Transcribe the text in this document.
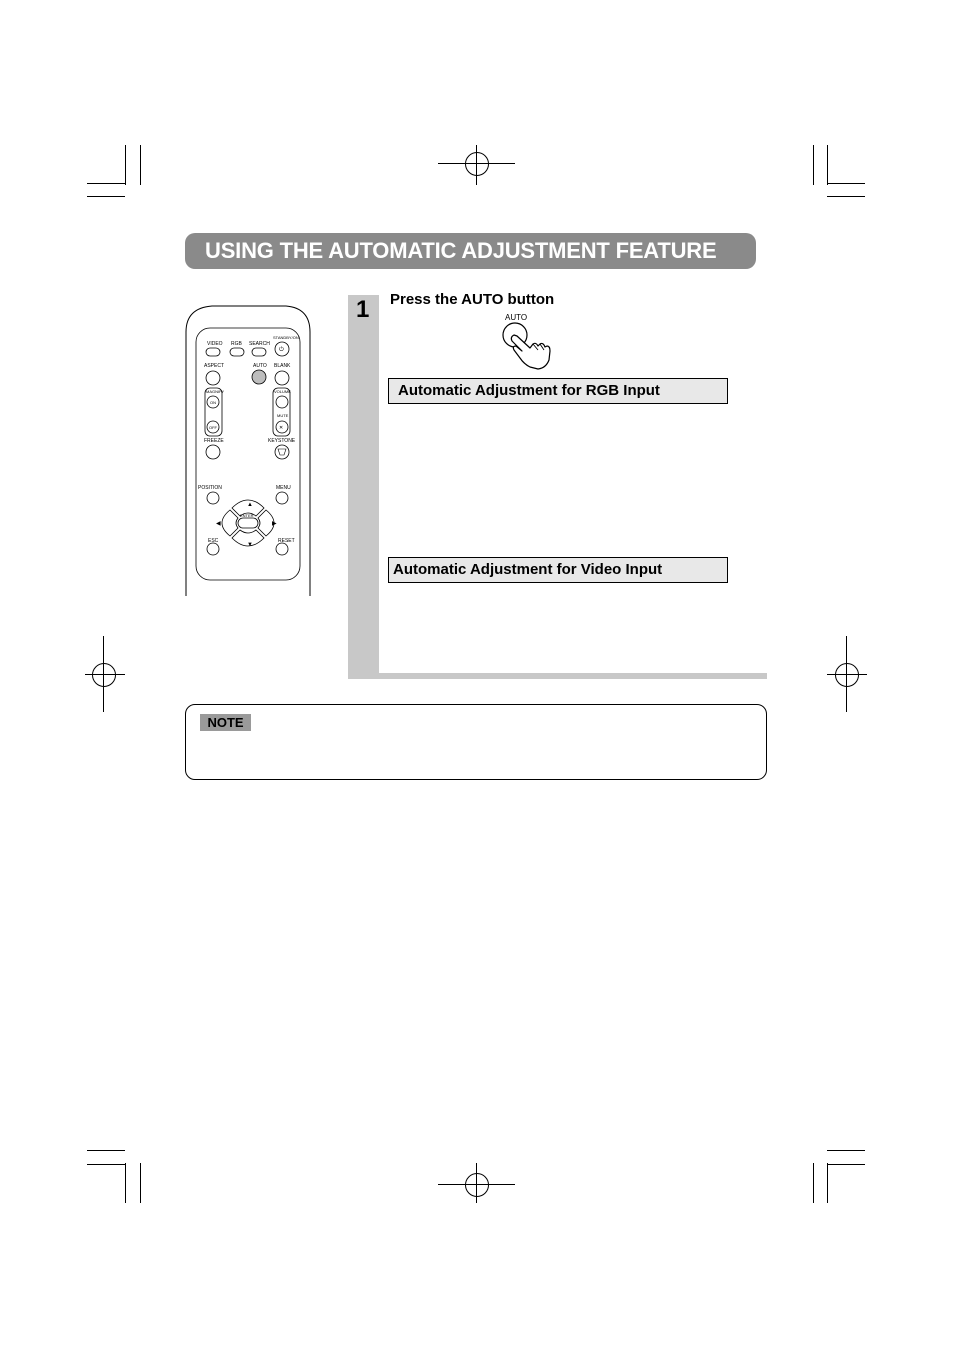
USING THE AUTOMATIC ADJUSTMENT FEATURE
VIDEO RGB SEARCH
STANDBY/ON
⏻
ASPECT	AUTO BLANK
MAGNIFY
ON
OFF
VOLUME
MUTE
✕
FREEZE	KEYSTONE
POSITION	MENU
▲
▼
◀	▶
ENTER
ESC	RESET
1 Press the AUTO button
AUTO
Automatic Adjustment for RGB Input
Automatic Adjustment for Video Input
NOTE
